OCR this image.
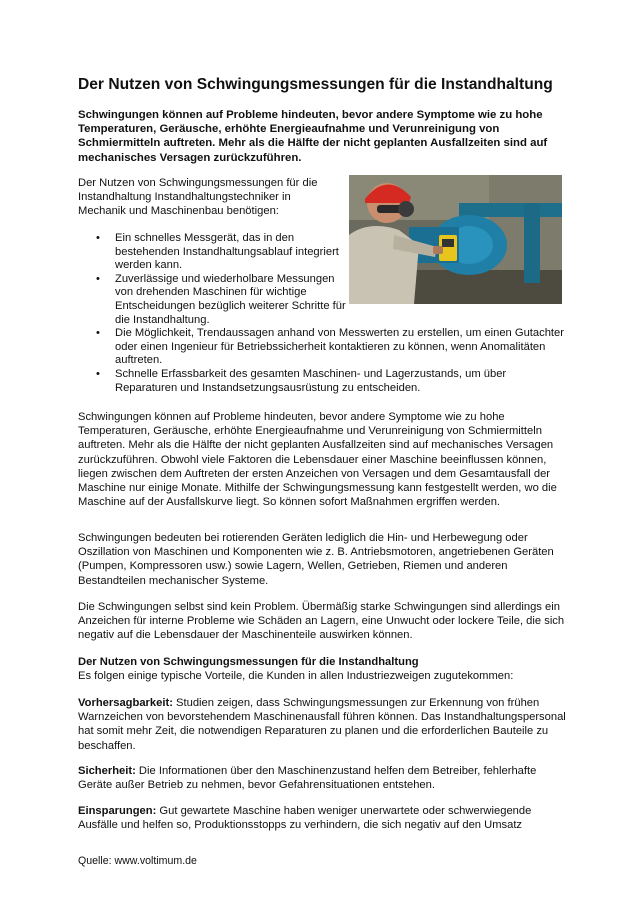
Der Nutzen von Schwingungsmessungen für die Instandhaltung

Schwingungen können auf Probleme hindeuten, bevor andere Symptome wie zu hohe Temperaturen, Geräusche, erhöhte Energieaufnahme und Verunreinigung von Schmiermitteln auftreten. Mehr als die Hälfte der nicht geplanten Ausfallzeiten sind auf mechanisches Versagen zurückzuführen.

Der Nutzen von Schwingungsmessungen für die Instandhaltung Instandhaltungstechniker in Mechanik und Maschinenbau benötigen:

• Ein schnelles Messgerät, das in den bestehenden Instandhaltungsablauf integriert werden kann.
• Zuverlässige und wiederholbare Messungen von drehenden Maschinen für wichtige Entscheidungen bezüglich weiterer Schritte für die Instandhaltung.
• Die Möglichkeit, Trendaussagen anhand von Messwerten zu erstellen, um einen Gutachter oder einen Ingenieur für Betriebssicherheit kontaktieren zu können, wenn Anomalitäten auftreten.
• Schnelle Erfassbarkeit des gesamten Maschinen- und Lagerzustands, um über Reparaturen und Instandsetzungsausrüstung zu entscheiden.

Schwingungen können auf Probleme hindeuten, bevor andere Symptome wie zu hohe Temperaturen, Geräusche, erhöhte Energieaufnahme und Verunreinigung von Schmiermitteln auftreten. Mehr als die Hälfte der nicht geplanten Ausfallzeiten sind auf mechanisches Versagen zurückzuführen. Obwohl viele Faktoren die Lebensdauer einer Maschine beeinflussen können, liegen zwischen dem Auftreten der ersten Anzeichen von Versagen und dem Gesamtausfall der Maschine nur einige Monate. Mithilfe der Schwingungsmessung kann festgestellt werden, wo die Maschine auf der Ausfallskurve liegt. So können sofort Maßnahmen ergriffen werden.

Schwingungen bedeuten bei rotierenden Geräten lediglich die Hin- und Herbewegung oder Oszillation von Maschinen und Komponenten wie z. B. Antriebsmotoren, angetriebenen Geräten (Pumpen, Kompressoren usw.) sowie Lagern, Wellen, Getrieben, Riemen und anderen Bestandteilen mechanischer Systeme.

Die Schwingungen selbst sind kein Problem. Übermäßig starke Schwingungen sind allerdings ein Anzeichen für interne Probleme wie Schäden an Lagern, eine Unwucht oder lockere Teile, die sich negativ auf die Lebensdauer der Maschinenteile auswirken können.

Der Nutzen von Schwingungsmessungen für die Instandhaltung
Es folgen einige typische Vorteile, die Kunden in allen Industriezweigen zugutekommen:

Vorhersagbarkeit: Studien zeigen, dass Schwingungsmessungen zur Erkennung von frühen Warnzeichen von bevorstehendem Maschinenausfall führen können. Das Instandhaltungspersonal hat somit mehr Zeit, die notwendigen Reparaturen zu planen und die erforderlichen Bauteile zu beschaffen.

Sicherheit: Die Informationen über den Maschinenzustand helfen dem Betreiber, fehlerhafte Geräte außer Betrieb zu nehmen, bevor Gefahrensituationen entstehen.

Einsparungen: Gut gewartete Maschine haben weniger unerwartete oder schwerwiegende Ausfälle und helfen so, Produktionsstopps zu verhindern, die sich negativ auf den Umsatz

Quelle: www.voltimum.de
